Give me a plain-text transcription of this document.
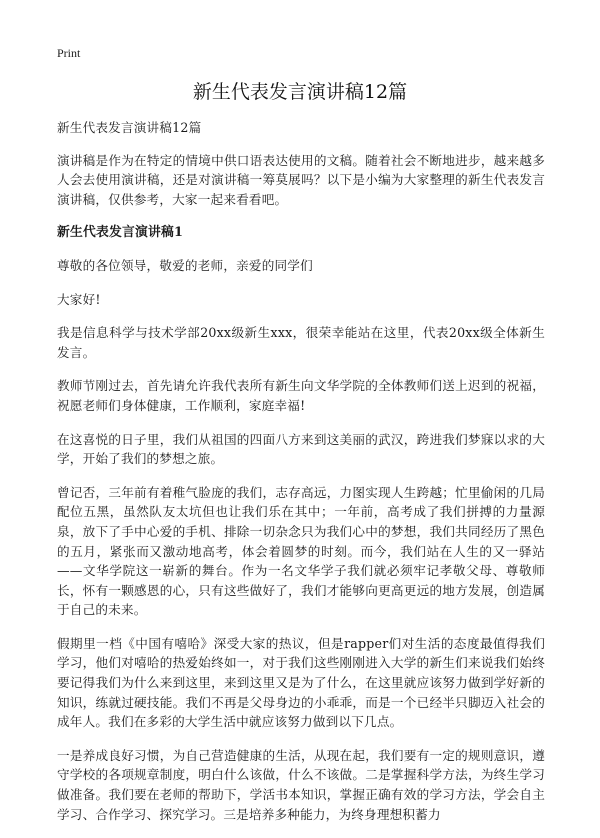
Print
新生代表发言演讲稿12篇

新生代表发言演讲稿12篇

演讲稿是作为在特定的情境中供口语表达使用的文稿。随着社会不断地进步，越来越多人会去使用演讲稿，还是对演讲稿一筹莫展吗？以下是小编为大家整理的新生代表发言演讲稿，仅供参考，大家一起来看看吧。

新生代表发言演讲稿1

尊敬的各位领导，敬爱的老师，亲爱的同学们

大家好!

我是信息科学与技术学部20xx级新生xxx，很荣幸能站在这里，代表20xx级全体新生发言。

教师节刚过去，首先请允许我代表所有新生向文华学院的全体教师们送上迟到的祝福，祝愿老师们身体健康，工作顺利，家庭幸福!

在这喜悦的日子里，我们从祖国的四面八方来到这美丽的武汉，跨进我们梦寐以求的大学，开始了我们的梦想之旅。

曾记否，三年前有着稚气脸庞的我们，志存高远，力图实现人生跨越；忙里偷闲的几局配位五黑，虽然队友太坑但也让我们乐在其中；一年前，高考成了我们拼搏的力量源泉，放下了手中心爱的手机、排除一切杂念只为我们心中的梦想，我们共同经历了黑色的五月，紧张而又激动地高考，体会着圆梦的时刻。而今，我们站在人生的又一驿站——文华学院这一崭新的舞台。作为一名文华学子我们就必须牢记孝敬父母、尊敬师长，怀有一颗感恩的心，只有这些做好了，我们才能够向更高更远的地方发展，创造属于自己的未来。

假期里一档《中国有嘻哈》深受大家的热议，但是rapper们对生活的态度最值得我们学习，他们对嘻哈的热爱始终如一，对于我们这些刚刚进入大学的新生们来说我们始终要记得我们为什么来到这里，来到这里又是为了什么，在这里就应该努力做到学好新的知识，练就过硬技能。我们不再是父母身边的小乖乖，而是一个已经半只脚迈入社会的成年人。我们在多彩的大学生活中就应该努力做到以下几点。

一是养成良好习惯，为自己营造健康的生活，从现在起，我们要有一定的规则意识，遵守学校的各项规章制度，明白什么该做，什么不该做。二是掌握科学方法，为终生学习做准备。我们要在老师的帮助下，学活书本知识，掌握正确有效的学习方法，学会自主学习、合作学习、探究学习。三是培养多种能力，为终身理想积蓄力
